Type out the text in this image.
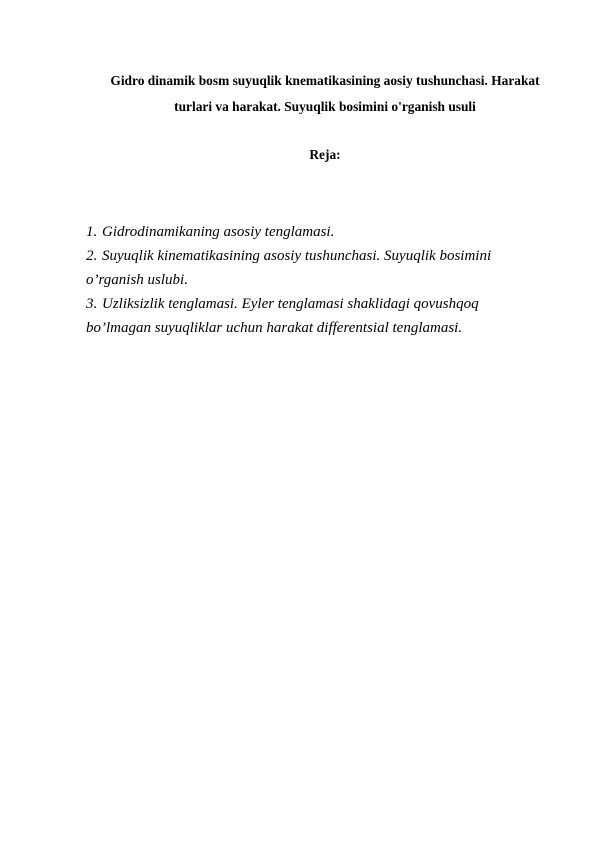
Gidro dinamik bosm suyuqlik knematikasining aosiy tushunchasi. Harakat
turlari va harakat. Suyuqlik bosimini o'rganish usuli
Reja:
1. Gidrodinamikaning asosiy tenglamasi.
2. Suyuqlik kinematikasining asosiy tushunchasi. Suyuqlik bosimini
o’rganish uslubi.
3. Uzliksizlik tenglamasi. Eyler tenglamasi shaklidagi qovushqoq
bo’lmagan suyuqliklar uchun harakat differentsial tenglamasi.
